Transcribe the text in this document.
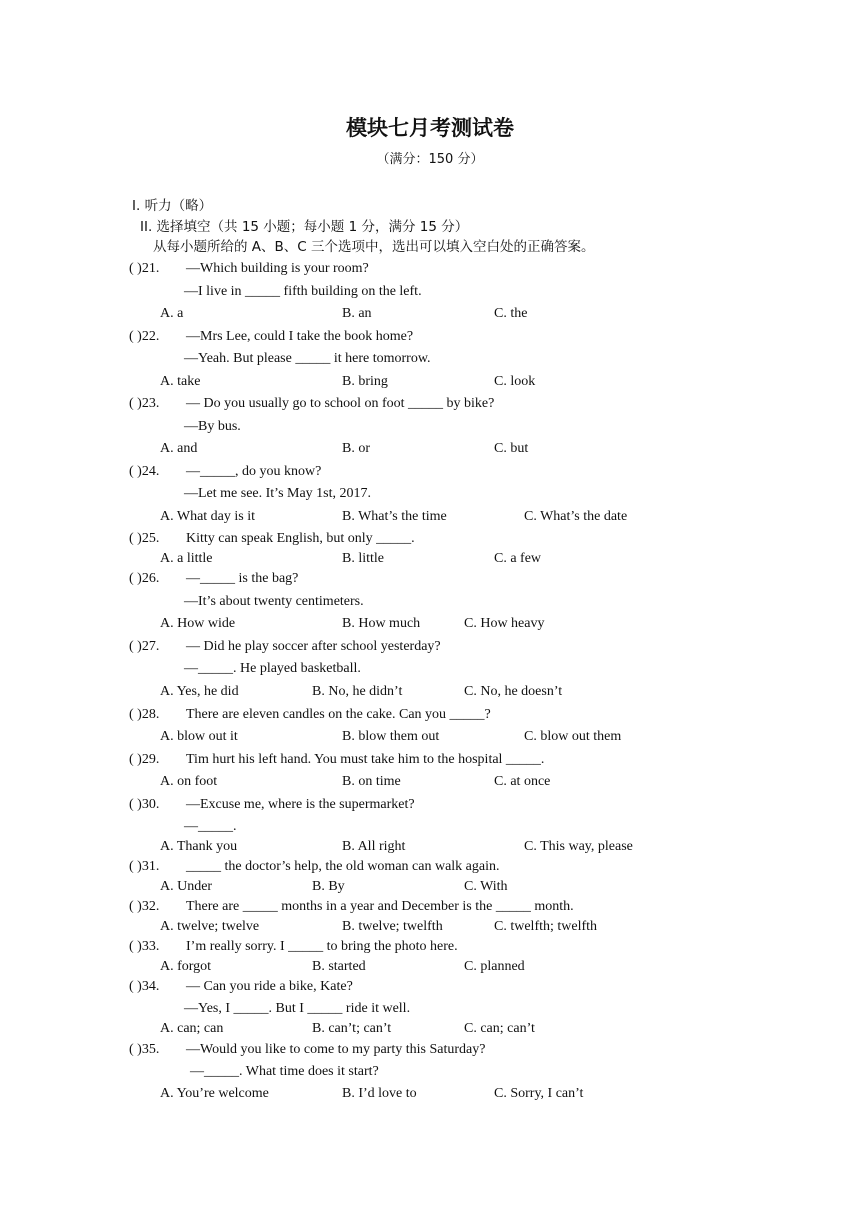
模块七月考测试卷
（满分：150 分）
I. 听力（略）
II. 选择填空（共 15 小题；每小题 1 分，满分 15 分）
从每小题所给的 A、B、C 三个选项中，选出可以填入空白处的正确答案。
( )21. —Which building is your room?
—I live in _____ fifth building on the left.
A. a	B. an	C. the
( )22. —Mrs Lee, could I take the book home?
—Yeah. But please _____ it here tomorrow.
A. take	B. bring	C. look
( )23. — Do you usually go to school on foot _____ by bike?
—By bus.
A. and	B. or	C. but
( )24. —_____, do you know?
—Let me see. It’s May 1st, 2017.
A. What day is it	B. What’s the time	C. What’s the date
( )25. Kitty can speak English, but only _____.
A. a little	B. little	C. a few
( )26. —_____ is the bag?
—It’s about twenty centimeters.
A. How wide	B. How much	C. How heavy
( )27. — Did he play soccer after school yesterday?
—_____. He played basketball.
A. Yes, he did	B. No, he didn’t	C. No, he doesn’t
( )28. There are eleven candles on the cake. Can you _____?
A. blow out it	B. blow them out	C. blow out them
( )29. Tim hurt his left hand. You must take him to the hospital _____.
A. on foot	B. on time	C. at once
( )30. —Excuse me, where is the supermarket?
—_____.
A. Thank you	B. All right	C. This way, please
( )31. _____ the doctor’s help, the old woman can walk again.
A. Under	B. By	C. With
( )32. There are _____ months in a year and December is the _____ month.
A. twelve; twelve	B. twelve; twelfth	C. twelfth; twelfth
( )33. I’m really sorry. I _____ to bring the photo here.
A. forgot	B. started	C. planned
( )34. — Can you ride a bike, Kate?
—Yes, I _____. But I _____ ride it well.
A. can; can	B. can’t; can’t	C. can; can’t
( )35. —Would you like to come to my party this Saturday?
—_____. What time does it start?
A. You’re welcome	B. I’d love to	C. Sorry, I can’t
